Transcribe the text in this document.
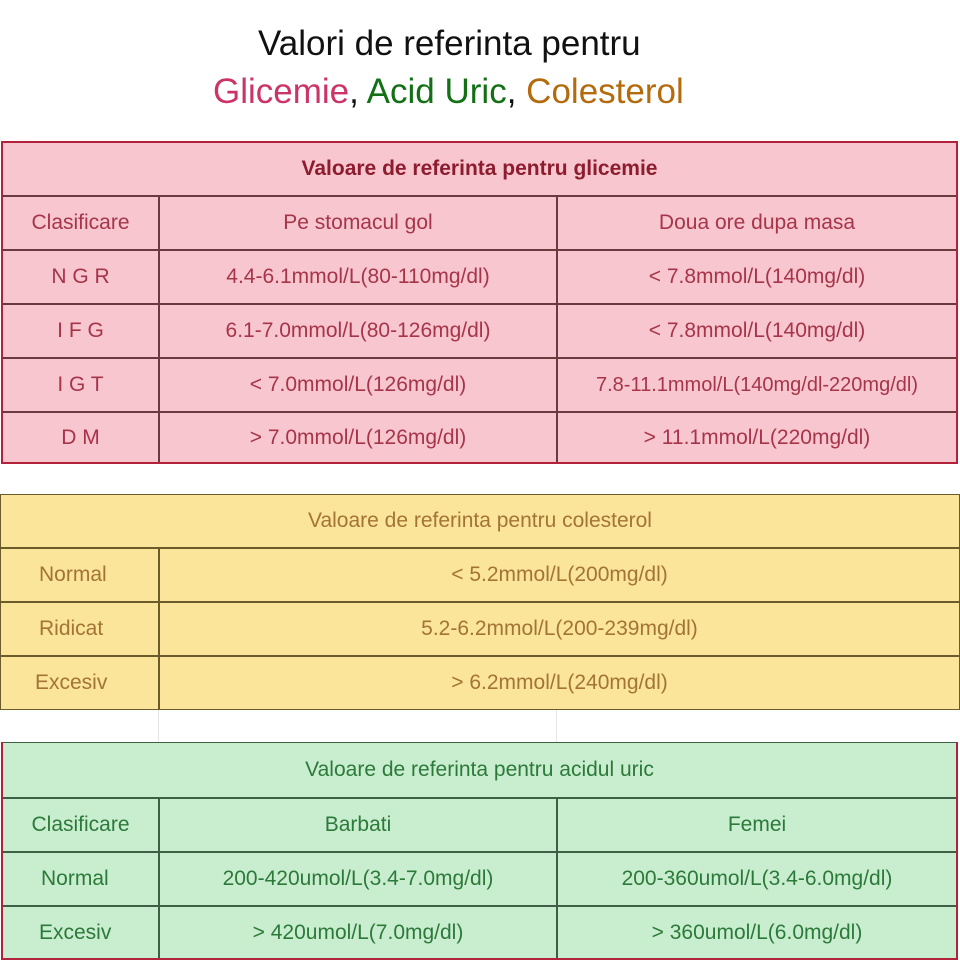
Valori de referinta pentru
Glicemie, Acid Uric, Colesterol
Valoare de referinta pentru glicemie
Clasificare	Pe stomacul gol	Doua ore dupa masa
N G R	4.4-6.1mmol/L(80-110mg/dl)	< 7.8mmol/L(140mg/dl)
I F G	6.1-7.0mmol/L(80-126mg/dl)	< 7.8mmol/L(140mg/dl)
I G T	< 7.0mmol/L(126mg/dl)	7.8-11.1mmol/L(140mg/dl-220mg/dl)
D M	> 7.0mmol/L(126mg/dl)	> 11.1mmol/L(220mg/dl)
Valoare de referinta pentru colesterol
Normal	< 5.2mmol/L(200mg/dl)
Ridicat	5.2-6.2mmol/L(200-239mg/dl)
Excesiv	> 6.2mmol/L(240mg/dl)
Valoare de referinta pentru acidul uric
Clasificare	Barbati	Femei
Normal	200-420umol/L(3.4-7.0mg/dl)	200-360umol/L(3.4-6.0mg/dl)
Excesiv	> 420umol/L(7.0mg/dl)	> 360umol/L(6.0mg/dl)
